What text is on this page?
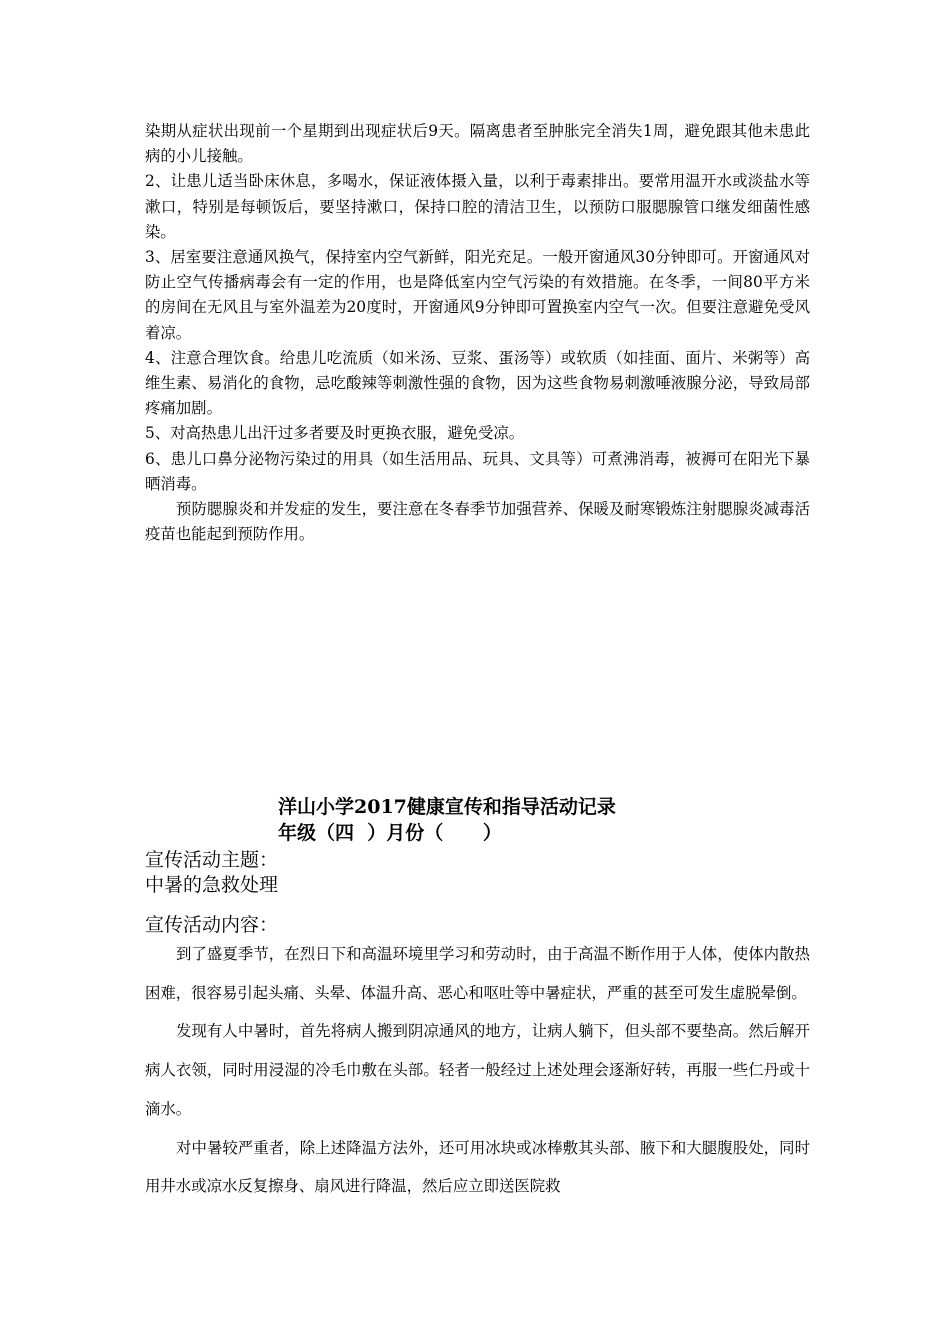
染期从症状出现前一个星期到出现症状后9天。隔离患者至肿胀完全消失1周，避免跟其他未患此病的小儿接触。

2、让患儿适当卧床休息，多喝水，保证液体摄入量，以利于毒素排出。要常用温开水或淡盐水等漱口，特别是每顿饭后，要坚持漱口，保持口腔的清洁卫生，以预防口服腮腺管口继发细菌性感染。

3、居室要注意通风换气，保持室内空气新鲜，阳光充足。一般开窗通风30分钟即可。开窗通风对防止空气传播病毒会有一定的作用，也是降低室内空气污染的有效措施。在冬季，一间80平方米的房间在无风且与室外温差为20度时，开窗通风9分钟即可置换室内空气一次。但要注意避免受风着凉。

4、注意合理饮食。给患儿吃流质（如米汤、豆浆、蛋汤等）或软质（如挂面、面片、米粥等）高维生素、易消化的食物，忌吃酸辣等刺激性强的食物，因为这些食物易刺激唾液腺分泌，导致局部疼痛加剧。

5、对高热患儿出汗过多者要及时更换衣服，避免受凉。

6、患儿口鼻分泌物污染过的用具（如生活用品、玩具、文具等）可煮沸消毒，被褥可在阳光下暴晒消毒。

预防腮腺炎和并发症的发生，要注意在冬春季节加强营养、保暖及耐寒锻炼注射腮腺炎减毒活疫苗也能起到预防作用。

洋山小学2017健康宣传和指导活动记录
年级（四  ）月份（      ）
宣传活动主题：
中暑的急救处理
宣传活动内容：

到了盛夏季节，在烈日下和高温环境里学习和劳动时，由于高温不断作用于人体，使体内散热困难，很容易引起头痛、头晕、体温升高、恶心和呕吐等中暑症状，严重的甚至可发生虚脱晕倒。

发现有人中暑时，首先将病人搬到阴凉通风的地方，让病人躺下，但头部不要垫高。然后解开病人衣领，同时用浸湿的冷毛巾敷在头部。轻者一般经过上述处理会逐渐好转，再服一些仁丹或十滴水。

对中暑较严重者，除上述降温方法外，还可用冰块或冰棒敷其头部、腋下和大腿腹股处，同时用井水或凉水反复擦身、扇风进行降温，然后应立即送医院救
